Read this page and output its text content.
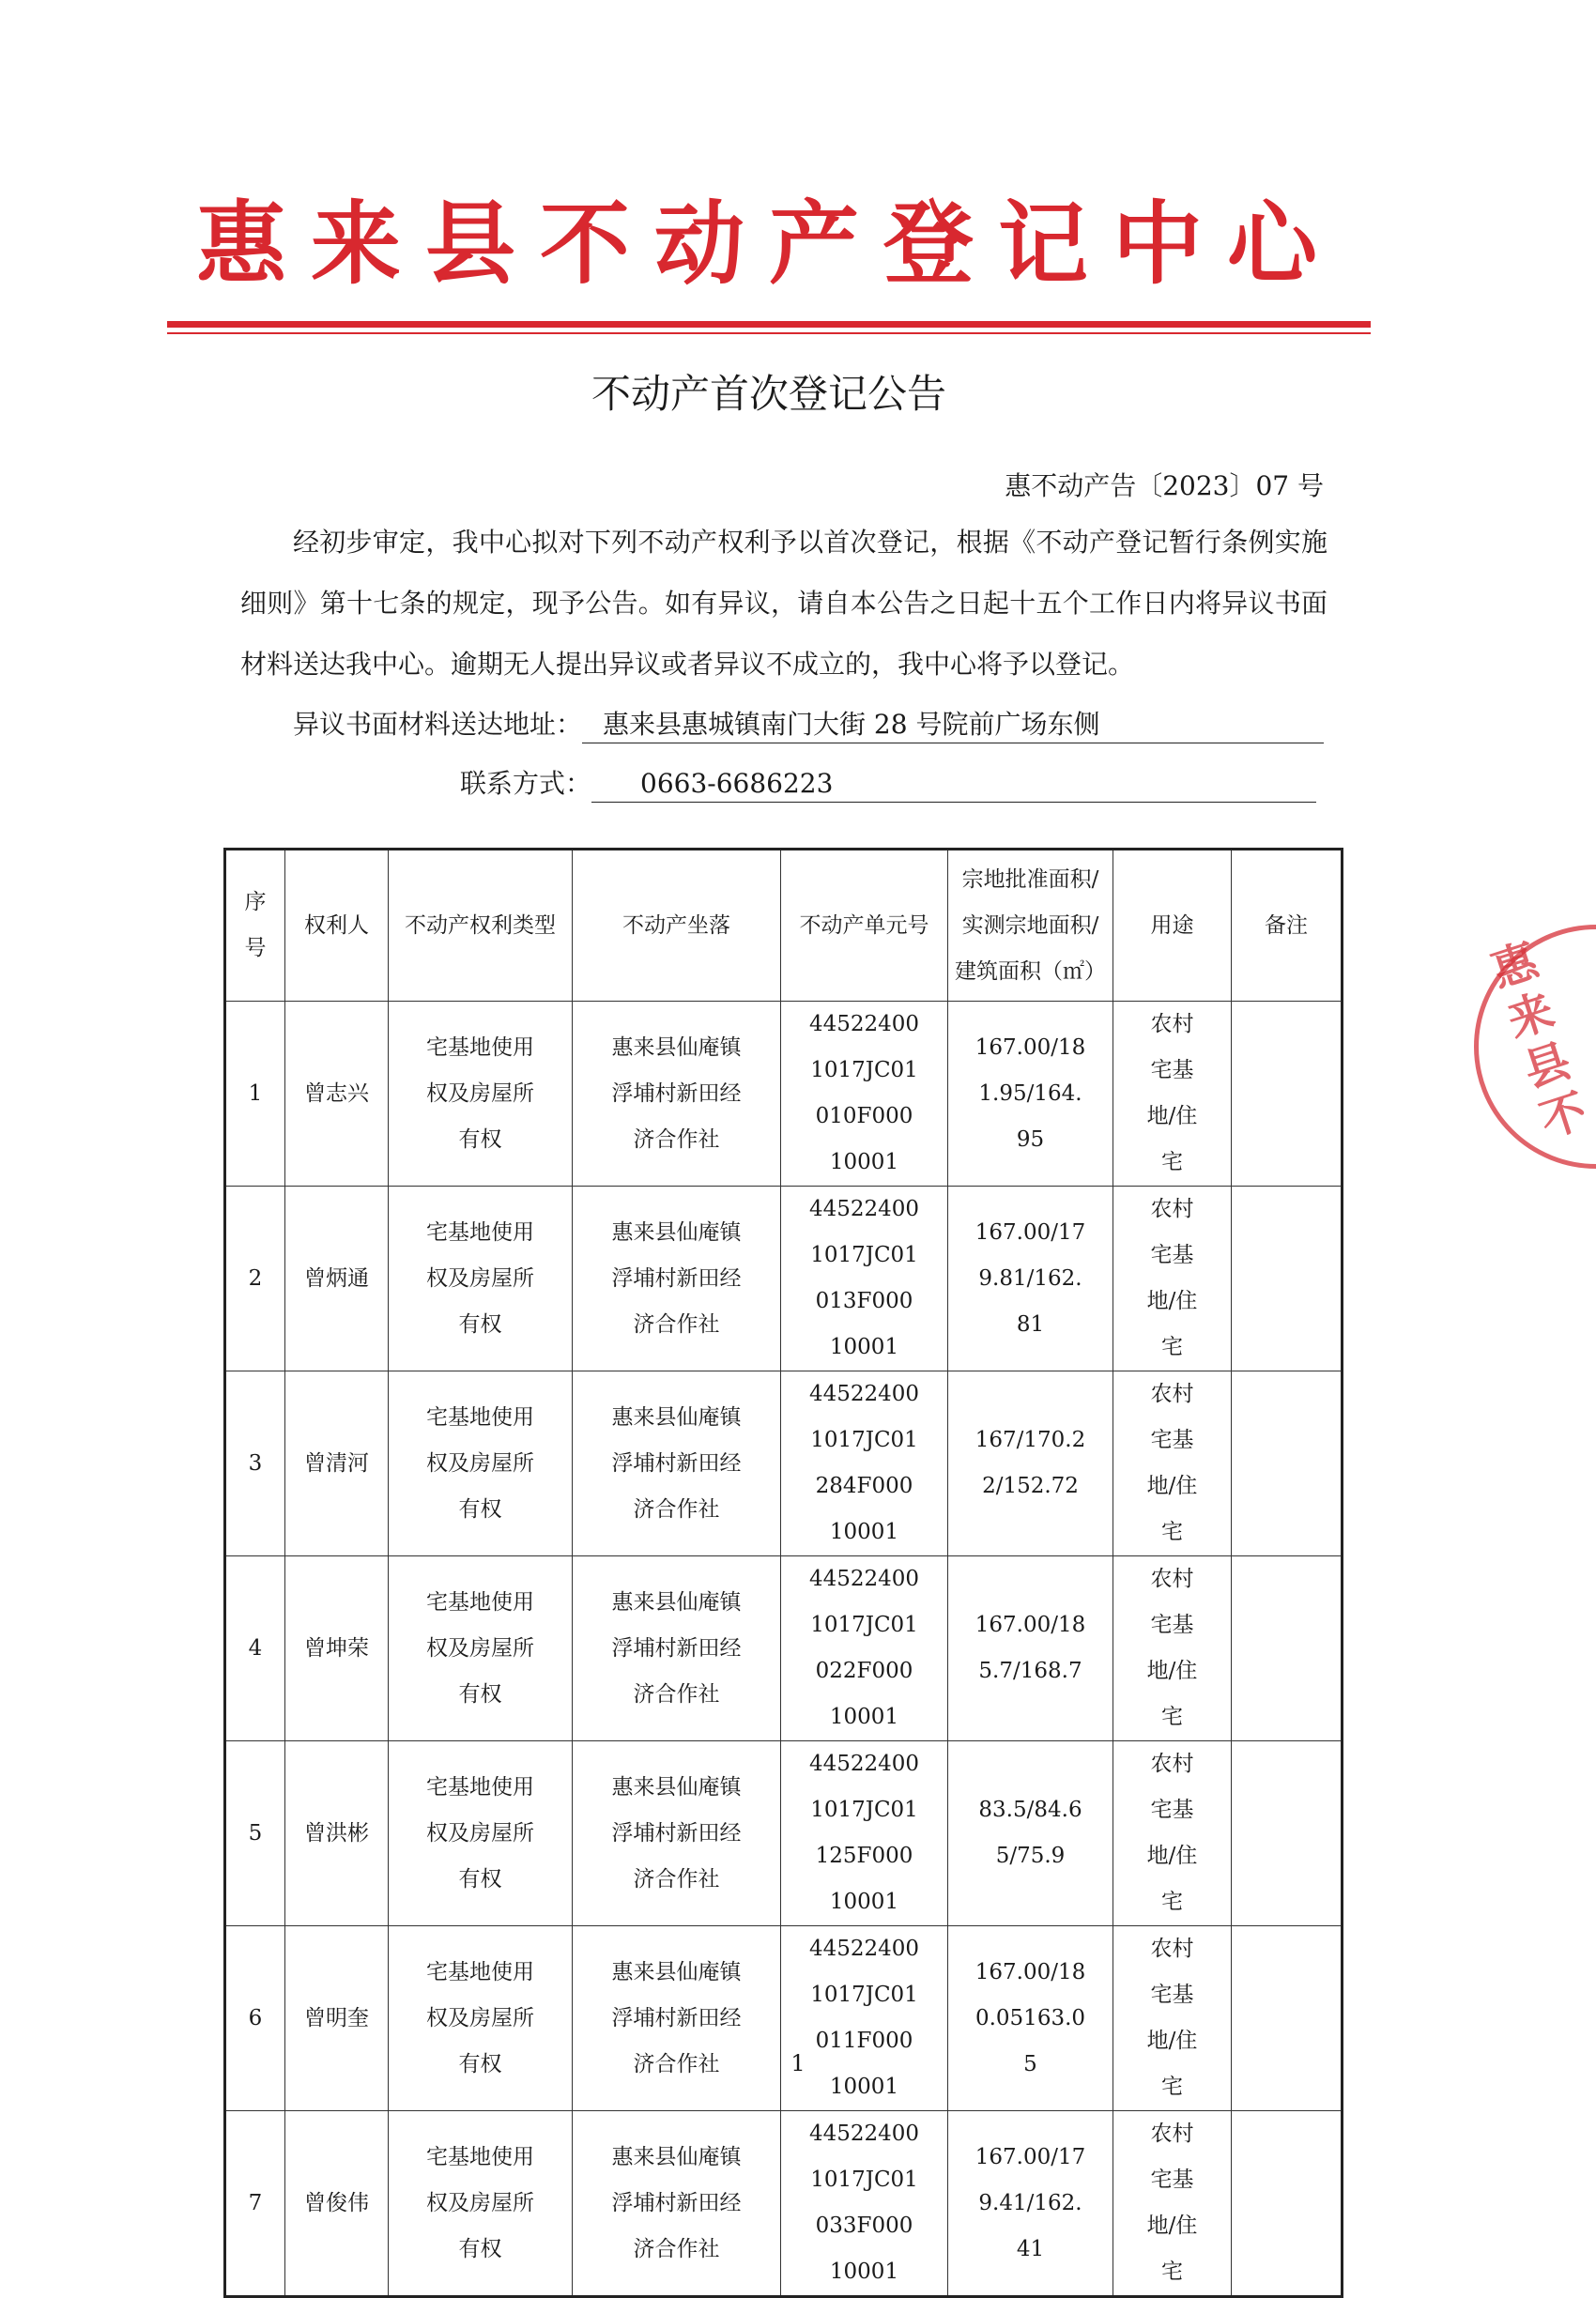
惠来县不动产登记中心
不动产首次登记公告
惠不动产告〔2023〕07 号
经初步审定，我中心拟对下列不动产权利予以首次登记，根据《不动产登记暂行条例实施细则》第十七条的规定，现予公告。如有异议，请自本公告之日起十五个工作日内将异议书面材料送达我中心。逾期无人提出异议或者异议不成立的，我中心将予以登记。
异议书面材料送达地址： 惠来县惠城镇南门大街 28 号院前广场东侧
联系方式：	0663-6686223
序号	权利人	不动产权利类型	不动产坐落	不动产单元号	宗地批准面积/实测宗地面积/建筑面积（㎡）	用途	备注

1	曾志兴	宅基地使用权及房屋所有权	惠来县仙庵镇浮埔村新田经济合作社	445224001017JC01010F00010001	167.00/181.95/164.95	农村宅基地/住宅	

2	曾炳通	宅基地使用权及房屋所有权	惠来县仙庵镇浮埔村新田经济合作社	445224001017JC01013F00010001	167.00/179.81/162.81	农村宅基地/住宅	

3	曾清河	宅基地使用权及房屋所有权	惠来县仙庵镇浮埔村新田经济合作社	445224001017JC01284F00010001	167/170.22/152.72	农村宅基地/住宅	

4	曾坤荣	宅基地使用权及房屋所有权	惠来县仙庵镇浮埔村新田经济合作社	445224001017JC01022F00010001	167.00/185.7/168.7	农村宅基地/住宅	

5	曾洪彬	宅基地使用权及房屋所有权	惠来县仙庵镇浮埔村新田经济合作社	445224001017JC01125F00010001	83.5/84.65/75.9	农村宅基地/住宅	

6	曾明奎	宅基地使用权及房屋所有权	惠来县仙庵镇浮埔村新田经济合作社	445224001017JC01011F00010001	167.00/180.05163.05	农村宅基地/住宅	

7	曾俊伟	宅基地使用权及房屋所有权	惠来县仙庵镇浮埔村新田经济合作社	445224001017JC01033F00010001	167.00/179.41/162.41	农村宅基地/住宅	

1
惠来县不
